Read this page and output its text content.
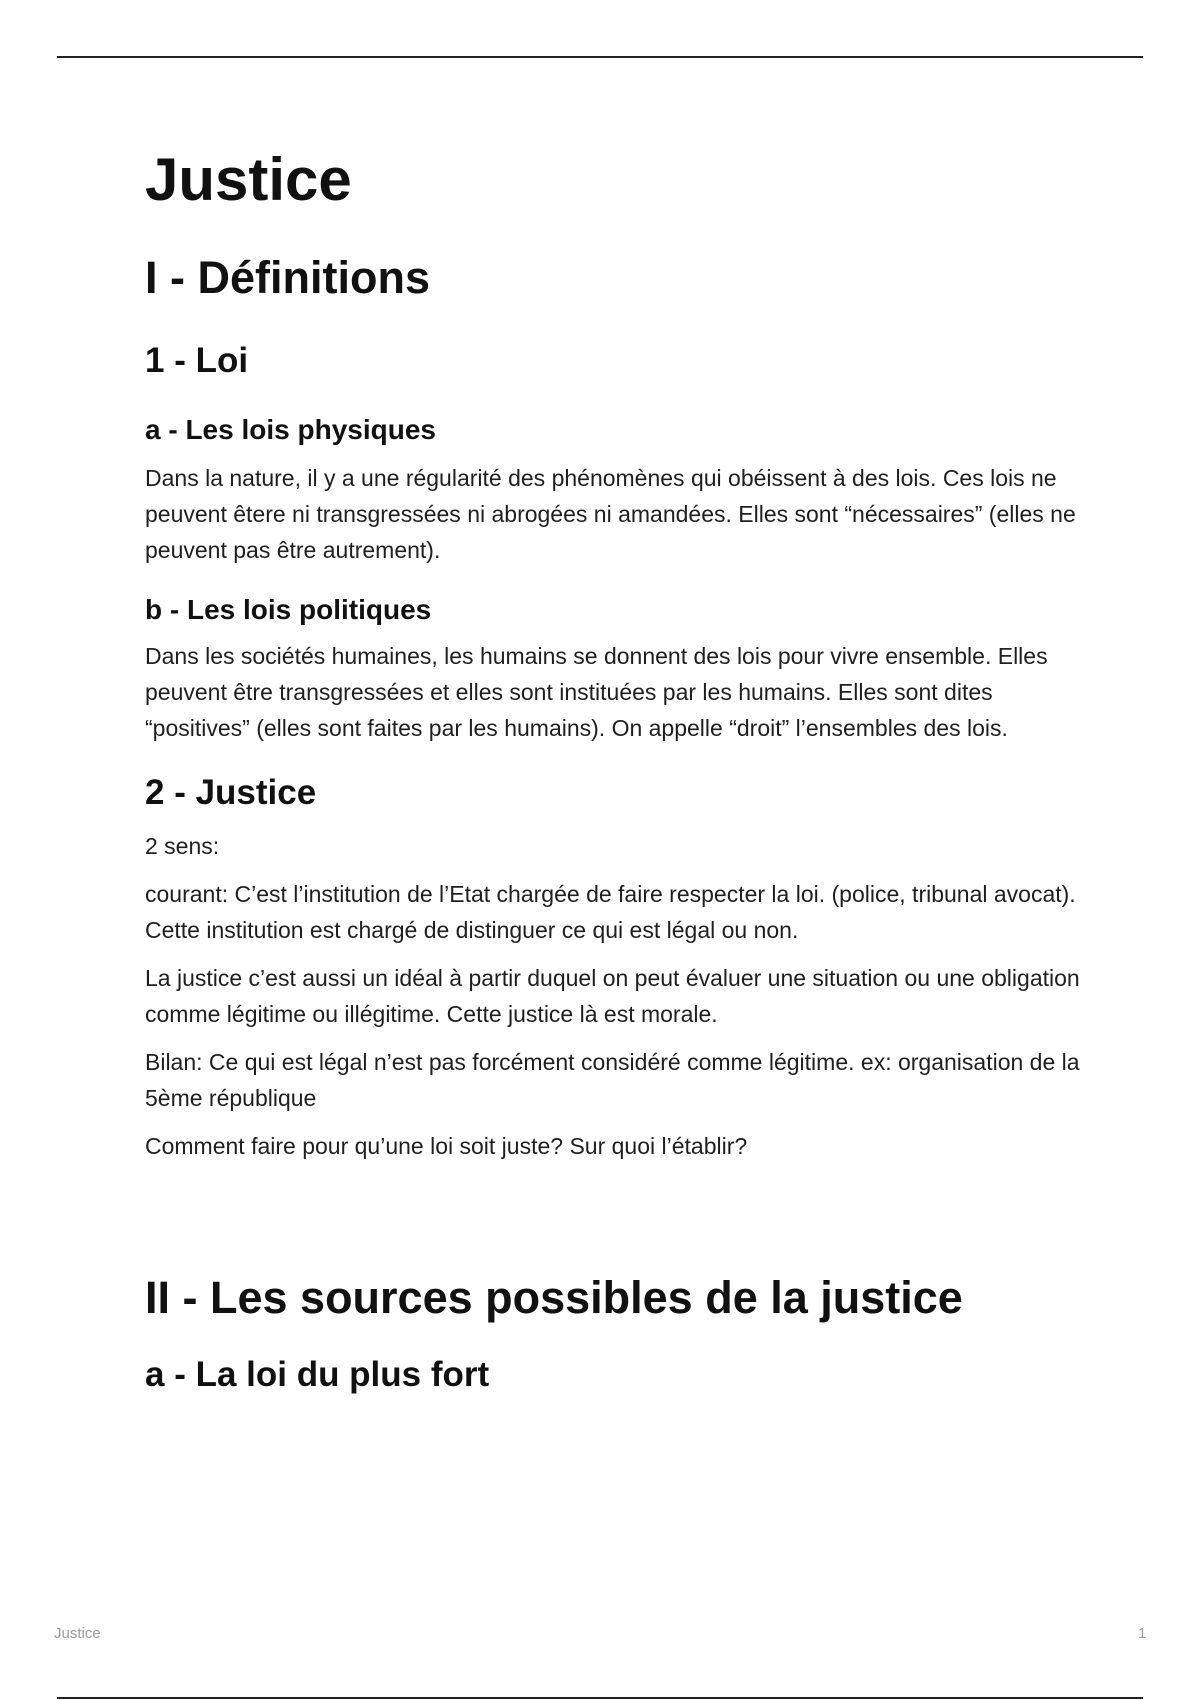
Justice
I - Définitions
1 - Loi
a - Les lois physiques

Dans la nature, il y a une régularité des phénomènes qui obéissent à des lois. Ces lois ne peuvent êtere ni transgressées ni abrogées ni amandées. Elles sont “nécessaires” (elles ne peuvent pas être autrement).

b - Les lois politiques

Dans les sociétés humaines, les humains se donnent des lois pour vivre ensemble. Elles peuvent être transgressées et elles sont instituées par les humains. Elles sont dites “positives” (elles sont faites par les humains). On appelle “droit” l’ensembles des lois.

2 - Justice

2 sens:

courant: C’est l’institution de l’Etat chargée de faire respecter la loi. (police, tribunal avocat). Cette institution est chargé de distinguer ce qui est légal ou non.

La justice c’est aussi un idéal à partir duquel on peut évaluer une situation ou une obligation comme légitime ou illégitime. Cette justice là est morale.

Bilan: Ce qui est légal n’est pas forcément considéré comme légitime. ex: organisation de la 5ème république

Comment faire pour qu’une loi soit juste? Sur quoi l’établir?

II - Les sources possibles de la justice
a - La loi du plus fort
Justice	1
